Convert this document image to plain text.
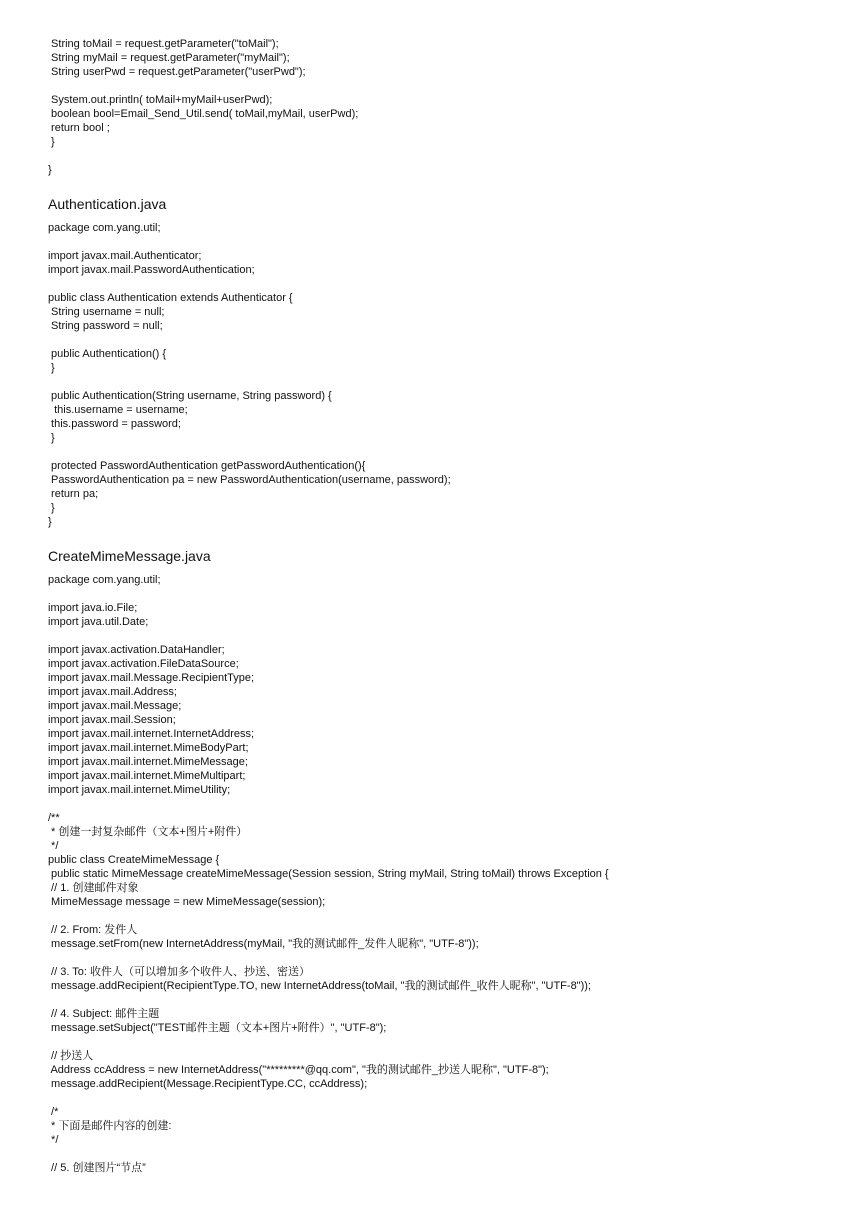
String toMail = request.getParameter("toMail");
String myMail = request.getParameter("myMail");
String userPwd = request.getParameter("userPwd");
System.out.println( toMail+myMail+userPwd);
boolean bool=Email_Send_Util.send( toMail,myMail, userPwd);
return bool ;
}
}
Authentication.java
package com.yang.util;
import javax.mail.Authenticator;
import javax.mail.PasswordAuthentication;
public class Authentication extends Authenticator {
String username = null;
String password = null;
public Authentication() {
}
public Authentication(String username, String password) {
this.username = username;
this.password = password;
}
protected PasswordAuthentication getPasswordAuthentication(){
PasswordAuthentication pa = new PasswordAuthentication(username, password);
return pa;
}
}
CreateMimeMessage.java
package com.yang.util;
import java.io.File;
import java.util.Date;
import javax.activation.DataHandler;
import javax.activation.FileDataSource;
import javax.mail.Message.RecipientType;
import javax.mail.Address;
import javax.mail.Message;
import javax.mail.Session;
import javax.mail.internet.InternetAddress;
import javax.mail.internet.MimeBodyPart;
import javax.mail.internet.MimeMessage;
import javax.mail.internet.MimeMultipart;
import javax.mail.internet.MimeUtility;
/**
* 创建一封复杂邮件（文本+图片+附件）
*/
public class CreateMimeMessage {
public static MimeMessage createMimeMessage(Session session, String myMail, String toMail) throws Exception {
// 1. 创建邮件对象
MimeMessage message = new MimeMessage(session);
// 2. From: 发件人
message.setFrom(new InternetAddress(myMail, "我的测试邮件_发件人昵称", "UTF-8"));
// 3. To: 收件人（可以增加多个收件人、抄送、密送）
message.addRecipient(RecipientType.TO, new InternetAddress(toMail, "我的测试邮件_收件人昵称", "UTF-8"));
// 4. Subject: 邮件主题
message.setSubject("TEST邮件主题（文本+图片+附件）", "UTF-8");
// 抄送人
Address ccAddress = new InternetAddress("*********@qq.com", "我的测试邮件_抄送人昵称", "UTF-8");
message.addRecipient(Message.RecipientType.CC, ccAddress);
/*
* 下面是邮件内容的创建:
*/
// 5. 创建图片“节点”
